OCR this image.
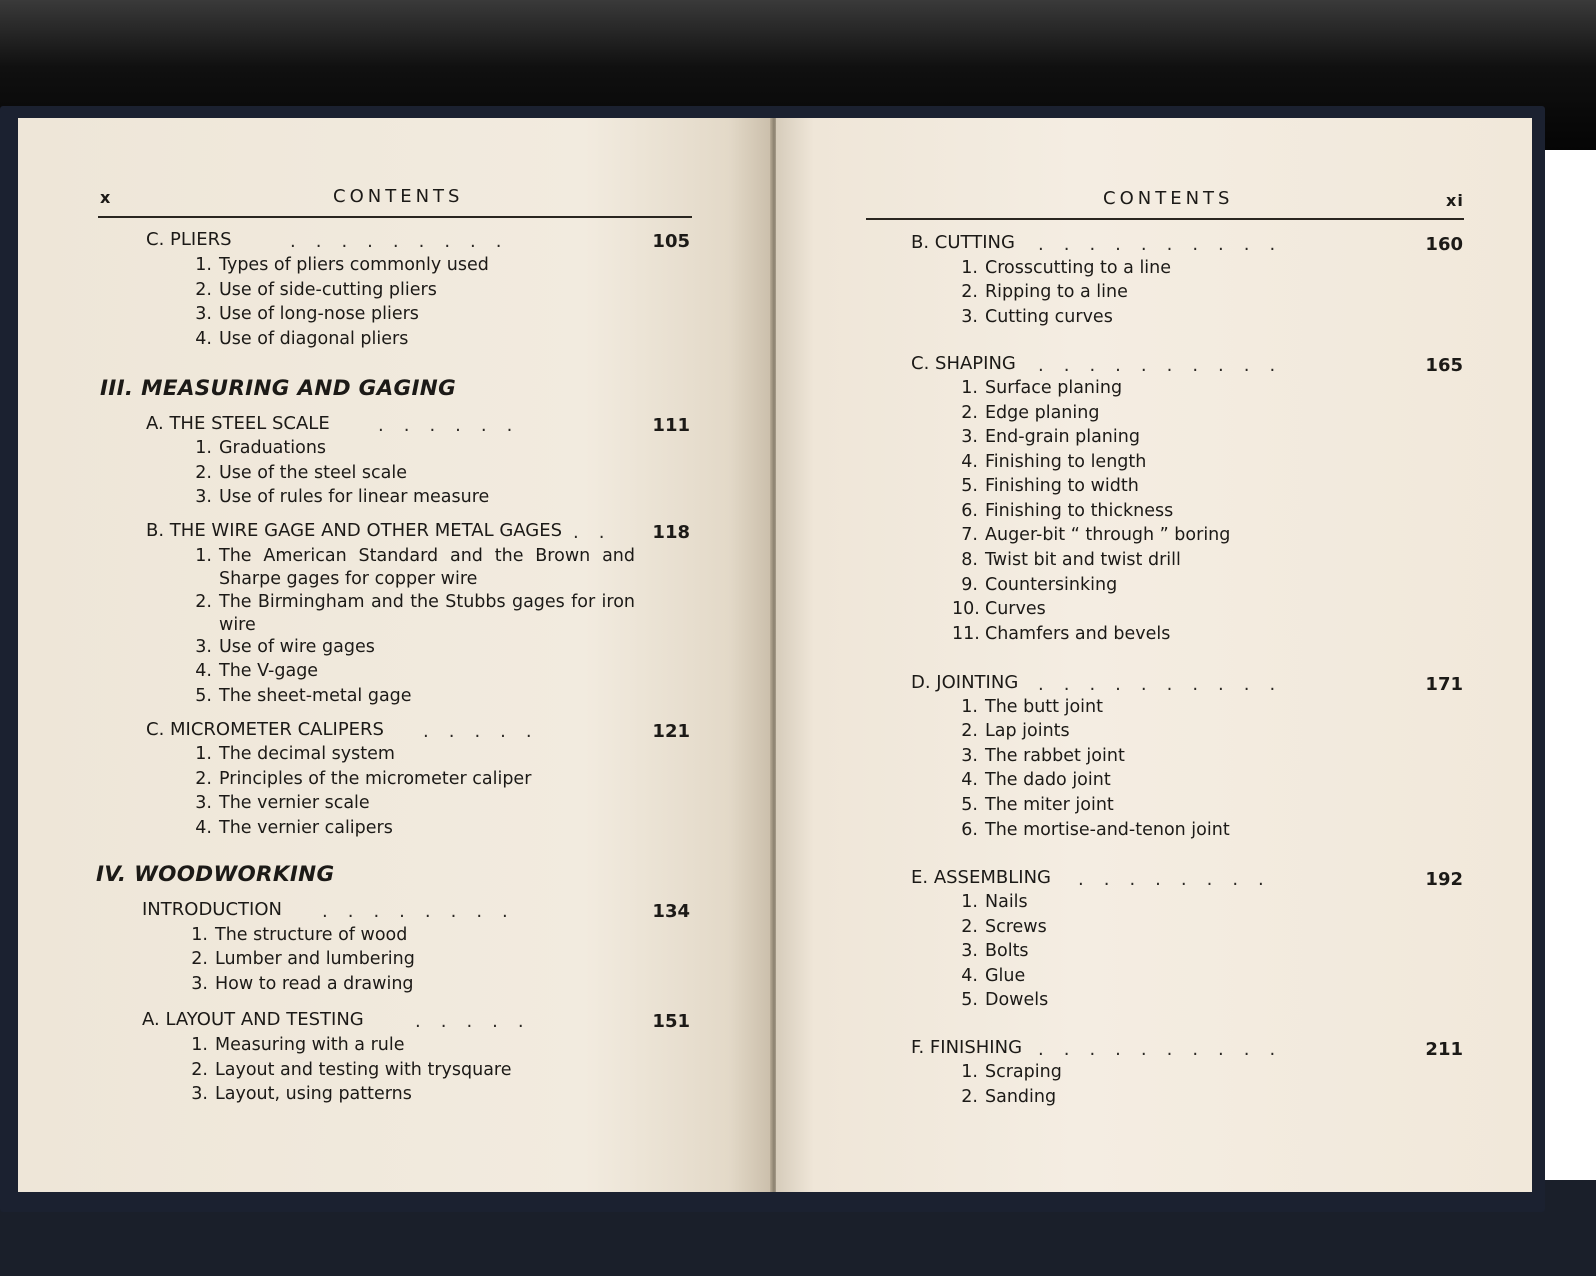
x	CONTENTS
C. PLIERS	.........	105
1. Types of pliers commonly used
2. Use of side-cutting pliers
3. Use of long-nose pliers
4. Use of diagonal pliers
III. MEASURING AND GAGING
A. THE STEEL SCALE	......	111
1. Graduations
2. Use of the steel scale
3. Use of rules for linear measure
B. THE WIRE GAGE AND OTHER METAL GAGES ..	118
1. The American Standard and the Brown and Sharpe gages for copper wire
2. The Birmingham and the Stubbs gages for iron wire
3. Use of wire gages
4. The V-gage
5. The sheet-metal gage
C. MICROMETER CALIPERS .....	121
1. The decimal system
2. Principles of the micrometer caliper
3. The vernier scale
4. The vernier calipers
IV. WOODWORKING
INTRODUCTION ........	134
1. The structure of wood
2. Lumber and lumbering
3. How to read a drawing
A. LAYOUT AND TESTING	.....	151
1. Measuring with a rule
2. Layout and testing with trysquare
3. Layout, using patterns
CONTENTS	xi
B. CUTTING ..........	160
1. Crosscutting to a line
2. Ripping to a line
3. Cutting curves
C. SHAPING ..........	165
1. Surface planing
2. Edge planing
3. End-grain planing
4. Finishing to length
5. Finishing to width
6. Finishing to thickness
7. Auger-bit “ through ” boring
8. Twist bit and twist drill
9. Countersinking
10. Curves
11. Chamfers and bevels
D. JOINTING ..........	171
1. The butt joint
2. Lap joints
3. The rabbet joint
4. The dado joint
5. The miter joint
6. The mortise-and-tenon joint
E. ASSEMBLING ........	192
1. Nails
2. Screws
3. Bolts
4. Glue
5. Dowels
F. FINISHING ..........	211
1. Scraping
2. Sanding
